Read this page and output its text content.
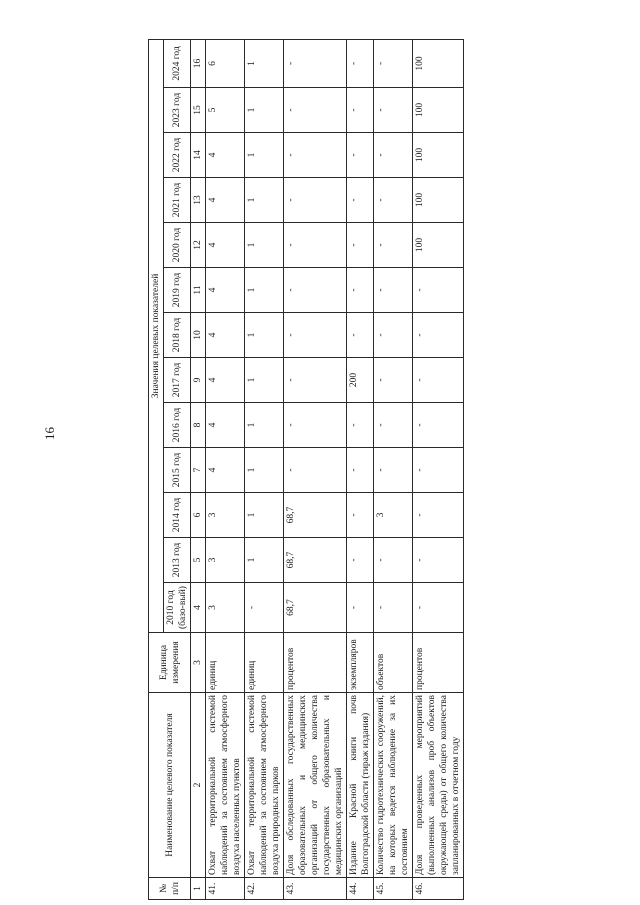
16
№ п/п	Наименование целевого показателя	Единица измерения	Значения целевых показателей												
			2010 год (базо-вый)	2013 год	2014 год	2015 год	2016 год	2017 год	2018 год	2019 год	2020 год	2021 год	2022 год	2023 год	2024 год
1	2	3	4	5	6	7	8	9	10	11	12	13	14	15	16
41.	Охват территориальной системой наблюдений за состоянием атмосферного воздуха населенных пунктов	единиц	3	3	3	4	4	4	4	4	4	4	4	5	6
42.	Охват территориальной системой наблюдений за состоянием атмосферного воздуха природных парков	единиц	-	1	1	1	1	1	1	1	1	1	1	1	1
43.	Доля обследованных государственных образовательных и медицинских организаций от общего количества государственных образовательных и медицинских организаций	процентов	68,7	68,7	68,7	-	-	-	-	-	-	-	-	-	-
44.	Издание Красной книги почв Волгоградской области (тираж издания)	экземпляров	-	-	-	-	-	200	-	-	-	-	-	-	-
45.	Количество гидротехнических сооружений, на которых ведется наблюдение за их состоянием	объектов	-	-	3	-	-	-	-	-	-	-	-	-	-
46.	Доля проведенных мероприятий (выполненных анализов проб объектов окружающей среды) от общего количества запланированных в отчетном году	процентов	-	-	-	-	-	-	-	-	100	100	100	100	100
